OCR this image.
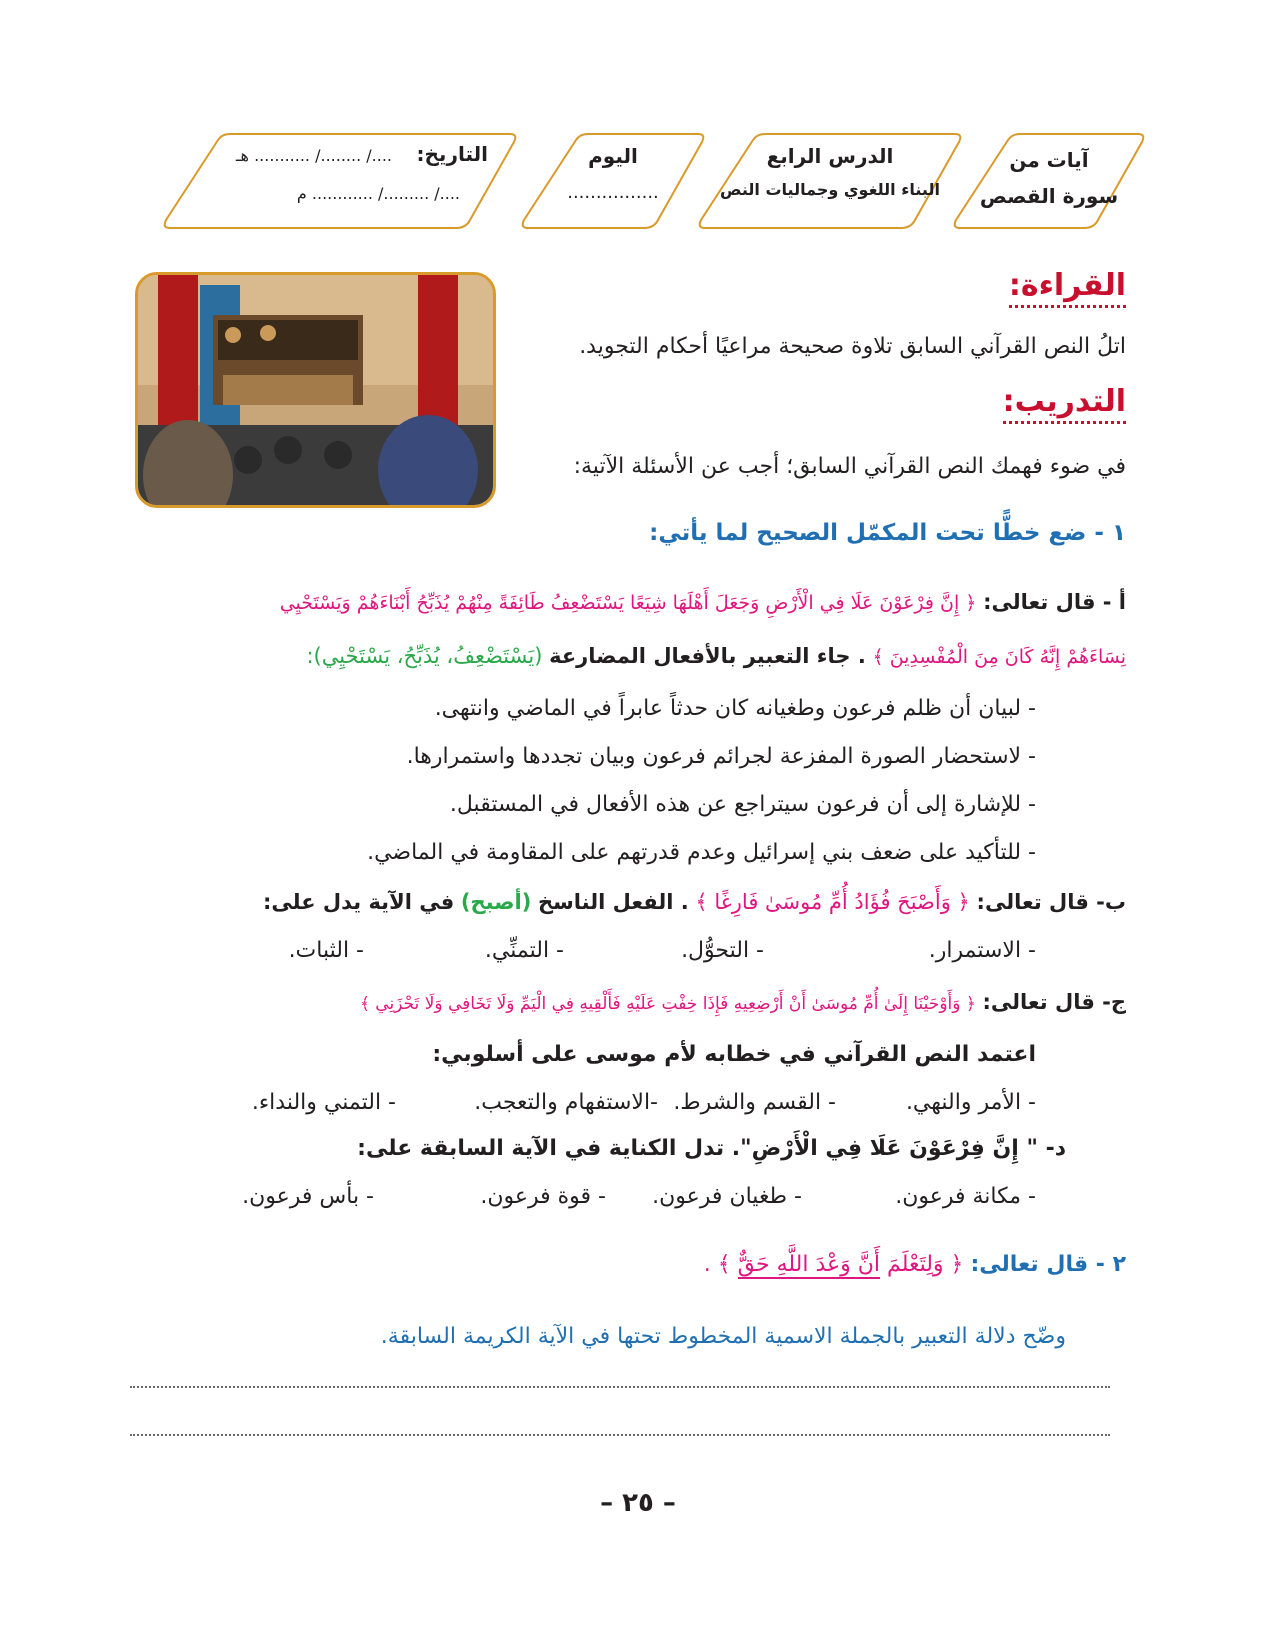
التاريخ:
..../ ......../ ........... هـ
..../ ........./ ............ م
اليوم
................
الدرس الرابع
البناء اللغوي وجماليات النص
آيات من
سورة القصص
القراءة:
اتلُ النص القرآني السابق تلاوة صحيحة مراعيًا أحكام التجويد.
التدريب:
في ضوء فهمك النص القرآني السابق؛ أجب عن الأسئلة الآتية:
١ - ضع خطًّا تحت المكمّل الصحيح لما يأتي:
أ - قال تعالى: ﴿ إِنَّ فِرْعَوْنَ عَلَا فِي الْأَرْضِ وَجَعَلَ أَهْلَهَا شِيَعًا يَسْتَضْعِفُ طَائِفَةً مِنْهُمْ يُذَبِّحُ أَبْنَاءَهُمْ وَيَسْتَحْيِي
نِسَاءَهُمْ إِنَّهُ كَانَ مِنَ الْمُفْسِدِينَ ﴾ . جاء التعبير بالأفعال المضارعة (يَسْتَضْعِفُ، يُذَبِّحُ، يَسْتَحْيِي):
- لبيان أن ظلم فرعون وطغيانه كان حدثاً عابراً في الماضي وانتهى.
- لاستحضار الصورة المفزعة لجرائم فرعون وبيان تجددها واستمرارها.
- للإشارة إلى أن فرعون سيتراجع عن هذه الأفعال في المستقبل.
- للتأكيد على ضعف بني إسرائيل وعدم قدرتهم على المقاومة في الماضي.
ب- قال تعالى: ﴿ وَأَصْبَحَ فُؤَادُ أُمِّ مُوسَىٰ فَارِغًا ﴾ . الفعل الناسخ (أصبح) في الآية يدل على:
- الاستمرار.
- التحوُّل.
- التمنِّي.
- الثبات.
ج- قال تعالى: ﴿ وَأَوْحَيْنَا إِلَىٰ أُمِّ مُوسَىٰ أَنْ أَرْضِعِيهِ فَإِذَا خِفْتِ عَلَيْهِ فَأَلْقِيهِ فِي الْيَمِّ وَلَا تَخَافِي وَلَا تَحْزَنِي ﴾
اعتمد النص القرآني في خطابه لأم موسى على أسلوبي:
- الأمر والنهي.
- القسم والشرط.
-الاستفهام والتعجب.
- التمني والنداء.
د- " إِنَّ فِرْعَوْنَ عَلَا فِي الْأَرْضِ". تدل الكناية في الآية السابقة على:
- مكانة فرعون.
- طغيان فرعون.
- قوة فرعون.
- بأس فرعون.
٢ - قال تعالى: ﴿ وَلِتَعْلَمَ أَنَّ وَعْدَ اللَّهِ حَقٌّ ﴾ .
وضّح دلالة التعبير بالجملة الاسمية المخطوط تحتها في الآية الكريمة السابقة.
– ٢٥ –
